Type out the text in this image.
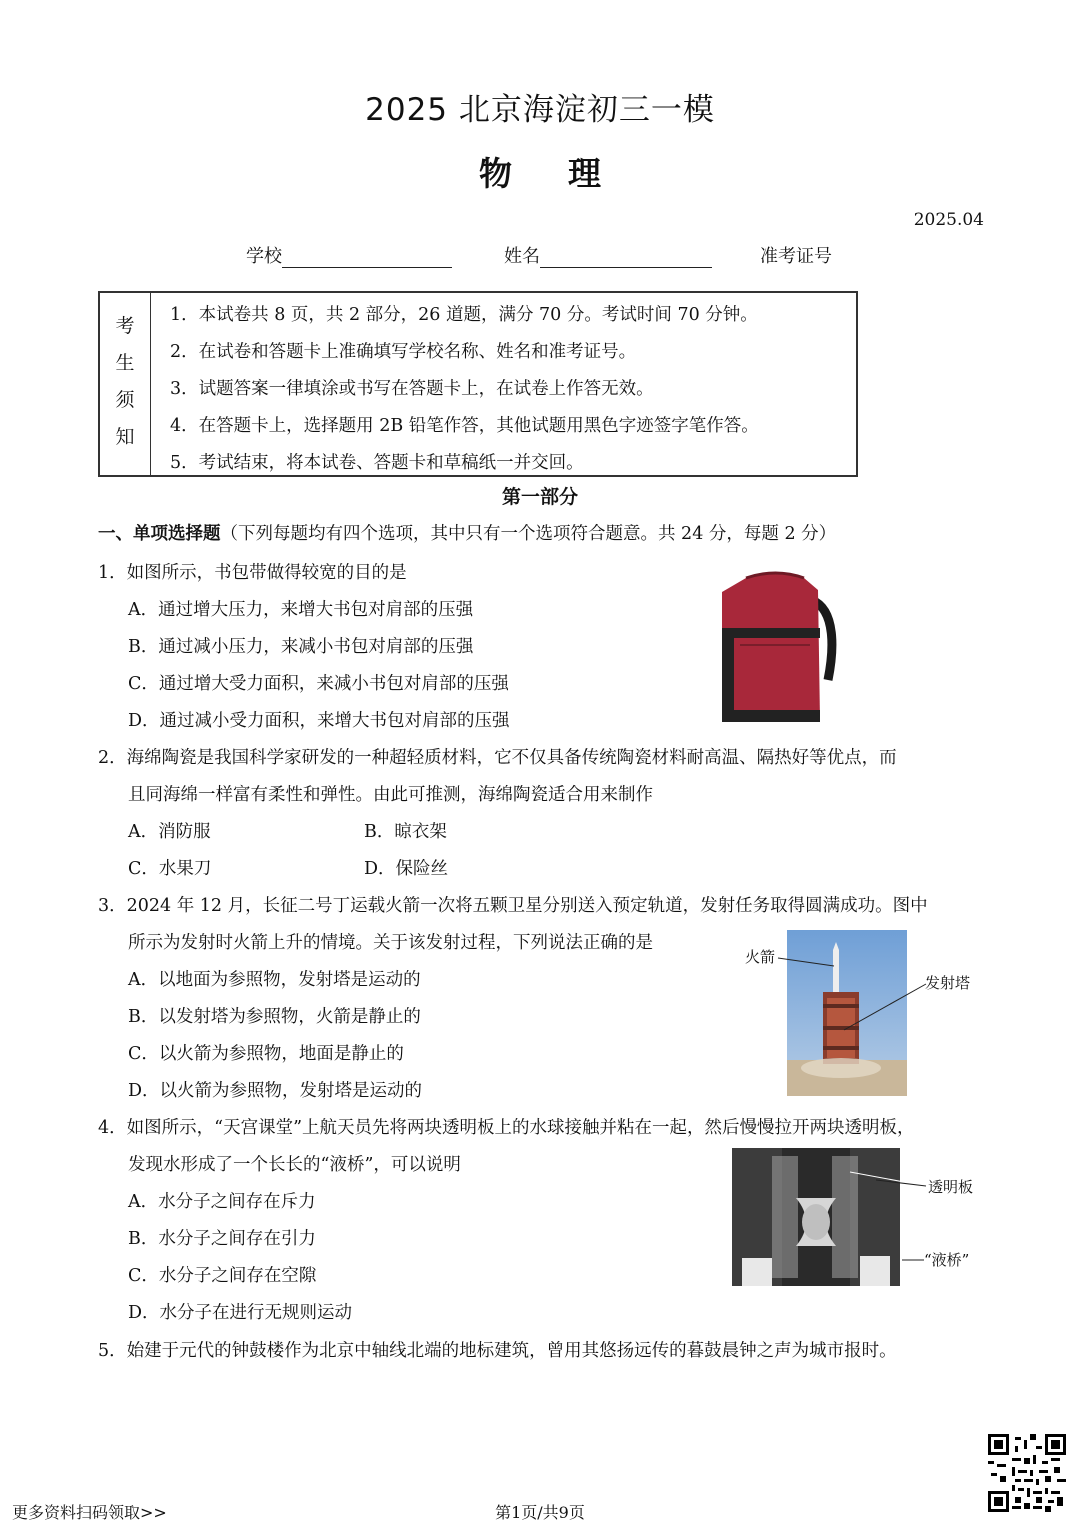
2025 北京海淀初三一模
物 理
2025.04
学校	姓名	准考证号
考
生
须
知
1．本试卷共 8 页，共 2 部分，26 道题，满分 70 分。考试时间 70 分钟。
2．在试卷和答题卡上准确填写学校名称、姓名和准考证号。
3．试题答案一律填涂或书写在答题卡上，在试卷上作答无效。
4．在答题卡上，选择题用 2B 铅笔作答，其他试题用黑色字迹签字笔作答。
5．考试结束，将本试卷、答题卡和草稿纸一并交回。
第一部分
一、单项选择题（下列每题均有四个选项，其中只有一个选项符合题意。共 24 分，每题 2 分）
1．如图所示，书包带做得较宽的目的是
A．通过增大压力，来增大书包对肩部的压强
B．通过减小压力，来减小书包对肩部的压强
C．通过增大受力面积，来减小书包对肩部的压强
D．通过减小受力面积，来增大书包对肩部的压强
2．海绵陶瓷是我国科学家研发的一种超轻质材料，它不仅具备传统陶瓷材料耐高温、隔热好等优点，而
且同海绵一样富有柔性和弹性。由此可推测，海绵陶瓷适合用来制作
A．消防服	B．晾衣架
C．水果刀	D．保险丝
3．2024 年 12 月，长征二号丁运载火箭一次将五颗卫星分别送入预定轨道，发射任务取得圆满成功。图中
所示为发射时火箭上升的情境。关于该发射过程，下列说法正确的是
A．以地面为参照物，发射塔是运动的
B．以发射塔为参照物，火箭是静止的
C．以火箭为参照物，地面是静止的
D．以火箭为参照物，发射塔是运动的
火箭
发射塔
4．如图所示，“天宫课堂”上航天员先将两块透明板上的水球接触并粘在一起，然后慢慢拉开两块透明板，
发现水形成了一个长长的“液桥”，可以说明
A．水分子之间存在斥力
B．水分子之间存在引力
C．水分子之间存在空隙
D．水分子在进行无规则运动
透明板
“液桥”
5．始建于元代的钟鼓楼作为北京中轴线北端的地标建筑，曾用其悠扬远传的暮鼓晨钟之声为城市报时。
更多资料扫码领取>>	第1页/共9页
